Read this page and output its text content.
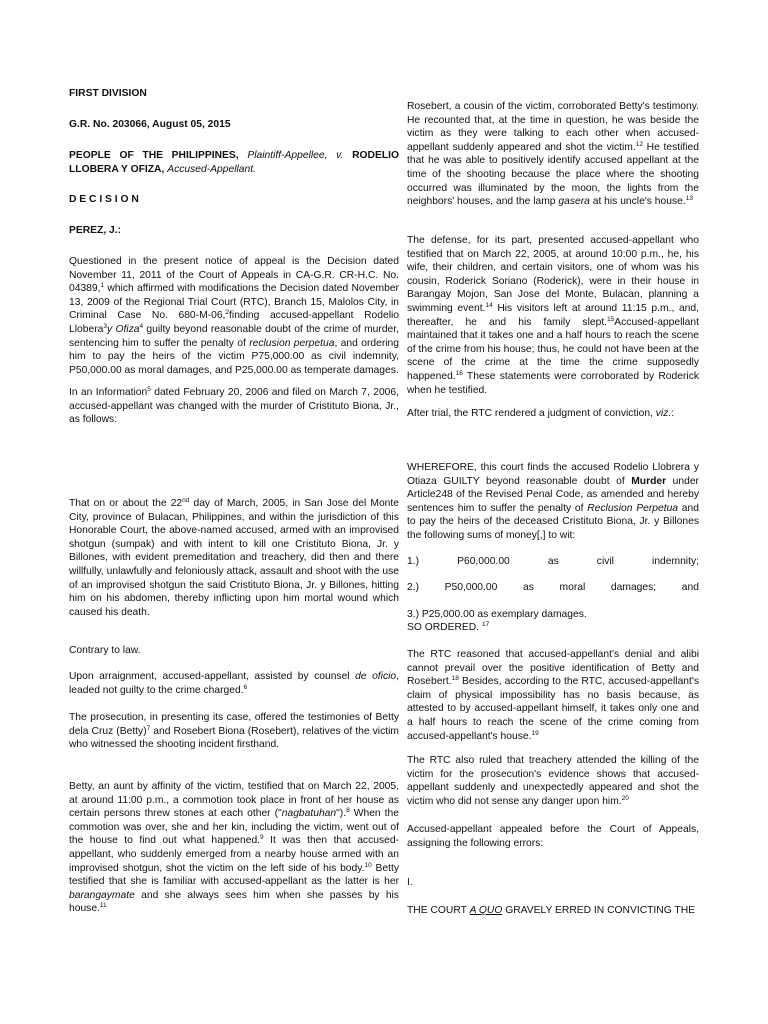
FIRST DIVISION
G.R. No. 203066, August 05, 2015
PEOPLE OF THE PHILIPPINES, Plaintiff-Appellee, v. RODELIO LLOBERA Y OFIZA, Accused-Appellant.
D E C I S I O N
PEREZ, J.:
Questioned in the present notice of appeal is the Decision dated November 11, 2011 of the Court of Appeals in CA-G.R. CR-H.C. No. 04389,$^1$ which affirmed with modifications the Decision dated November 13, 2009 of the Regional Trial Court (RTC), Branch 15, Malolos City, in Criminal Case No. 680-M-06,$^2$finding accused-appellant Rodelio Llobera$^3$y Ofiza$^4$ guilty beyond reasonable doubt of the crime of murder, sentencing him to suffer the penalty of reclusion perpetua, and ordering him to pay the heirs of the victim P75,000.00 as civil indemnity, P50,000.00 as moral damages, and P25,000.00 as temperate damages.
In an Information$^5$ dated February 20, 2006 and filed on March 7, 2006, accused-appellant was changed with the murder of Cristituto Biona, Jr., as follows:
That on or about the 22nd day of March, 2005, in San Jose del Monte City, province of Bulacan, Philippines, and within the jurisdiction of this Honorable Court, the above-named accused, armed with an improvised shotgun (sumpak) and with intent to kill one Cristituto Biona, Jr. y Billones, with evident premeditation and treachery, did then and there willfully, unlawfully and feloniously attack, assault and shoot with the use of an improvised shotgun the said Cristituto Biona, Jr. y Billones, hitting him on his abdomen, thereby inflicting upon him mortal wound which caused his death.
Contrary to law.
Upon arraignment, accused-appellant, assisted by counsel de oficio, leaded not guilty to the crime charged.$^6$
The prosecution, in presenting its case, offered the testimonies of Betty dela Cruz (Betty)$^7$ and Rosebert Biona (Rosebert), relatives of the victim who witnessed the shooting incident firsthand.
Betty, an aunt by affinity of the victim, testified that on March 22, 2005, at around 11:00 p.m., a commotion took place in front of her house as certain persons threw stones at each other ("nagbatuhan").$^8$ When the commotion was over, she and her kin, including the victim, went out of the house to find out what happened.$^9$ It was then that accused-appellant, who suddenly emerged from a nearby house armed with an improvised shotgun, shot the victim on the left side of his body.$^{10}$ Betty testified that she is familiar with accused-appellant as the latter is her barangaymate and she always sees him when she passes by his house.$^{11}$
Rosebert, a cousin of the victim, corroborated Betty's testimony. He recounted that, at the time in question, he was beside the victim as they were talking to each other when accused-appellant suddenly appeared and shot the victim.$^{12}$ He testified that he was able to positively identify accused appellant at the time of the shooting because the place where the shooting occurred was illuminated by the moon, the lights from the neighbors' houses, and the lamp gasera at his uncle's house.$^{13}$
The defense, for its part, presented accused-appellant who testified that on March 22, 2005, at around 10:00 p.m., he, his wife, their children, and certain visitors, one of whom was his cousin, Roderick Soriano (Roderick), were in their house in Barangay Mojon, San Jose del Monte, Bulacan, planning a swimming event.$^{14}$ His visitors left at around 11:15 p.m., and, thereafter, he and his family slept.$^{15}$Accused-appellant maintained that it takes one and a half hours to reach the scene of the crime from his house; thus, he could not have been at the scene of the crime at the time the crime supposedly happened.$^{16}$ These statements were corroborated by Roderick when he testified.
After trial, the RTC rendered a judgment of conviction, viz.:
WHEREFORE, this court finds the accused Rodelio Llobrera y Otiaza GUILTY beyond reasonable doubt of Murder under Article248 of the Revised Penal Code, as amended and hereby sentences him to suffer the penalty of Reclusion Perpetua and to pay the heirs of the deceased Cristituto Biona, Jr. y Billones the following sums of money[,] to wit:
1.)	P60,000.00	as	civil	indemnity;
2.) P50,000.00 as moral damages; and
3.) P25,000.00 as exemplary damages.
SO ORDERED. $^{17}$
The RTC reasoned that accused-appellant's denial and alibi cannot prevail over the positive identification of Betty and Rosebert.$^{18}$ Besides, according to the RTC, accused-appellant's claim of physical impossibility has no basis because, as attested to by accused-appellant himself, it takes only one and a half hours to reach the scene of the crime coming from accused-appellant's house.$^{19}$
The RTC also ruled that treachery attended the killing of the victim for the prosecution's evidence shows that accused-appellant suddenly and unexpectedly appeared and shot the victim who did not sense any danger upon him.$^{20}$
Accused-appellant appealed before the Court of Appeals, assigning the following errors:
I.
THE COURT A QUO GRAVELY ERRED IN CONVICTING THE
